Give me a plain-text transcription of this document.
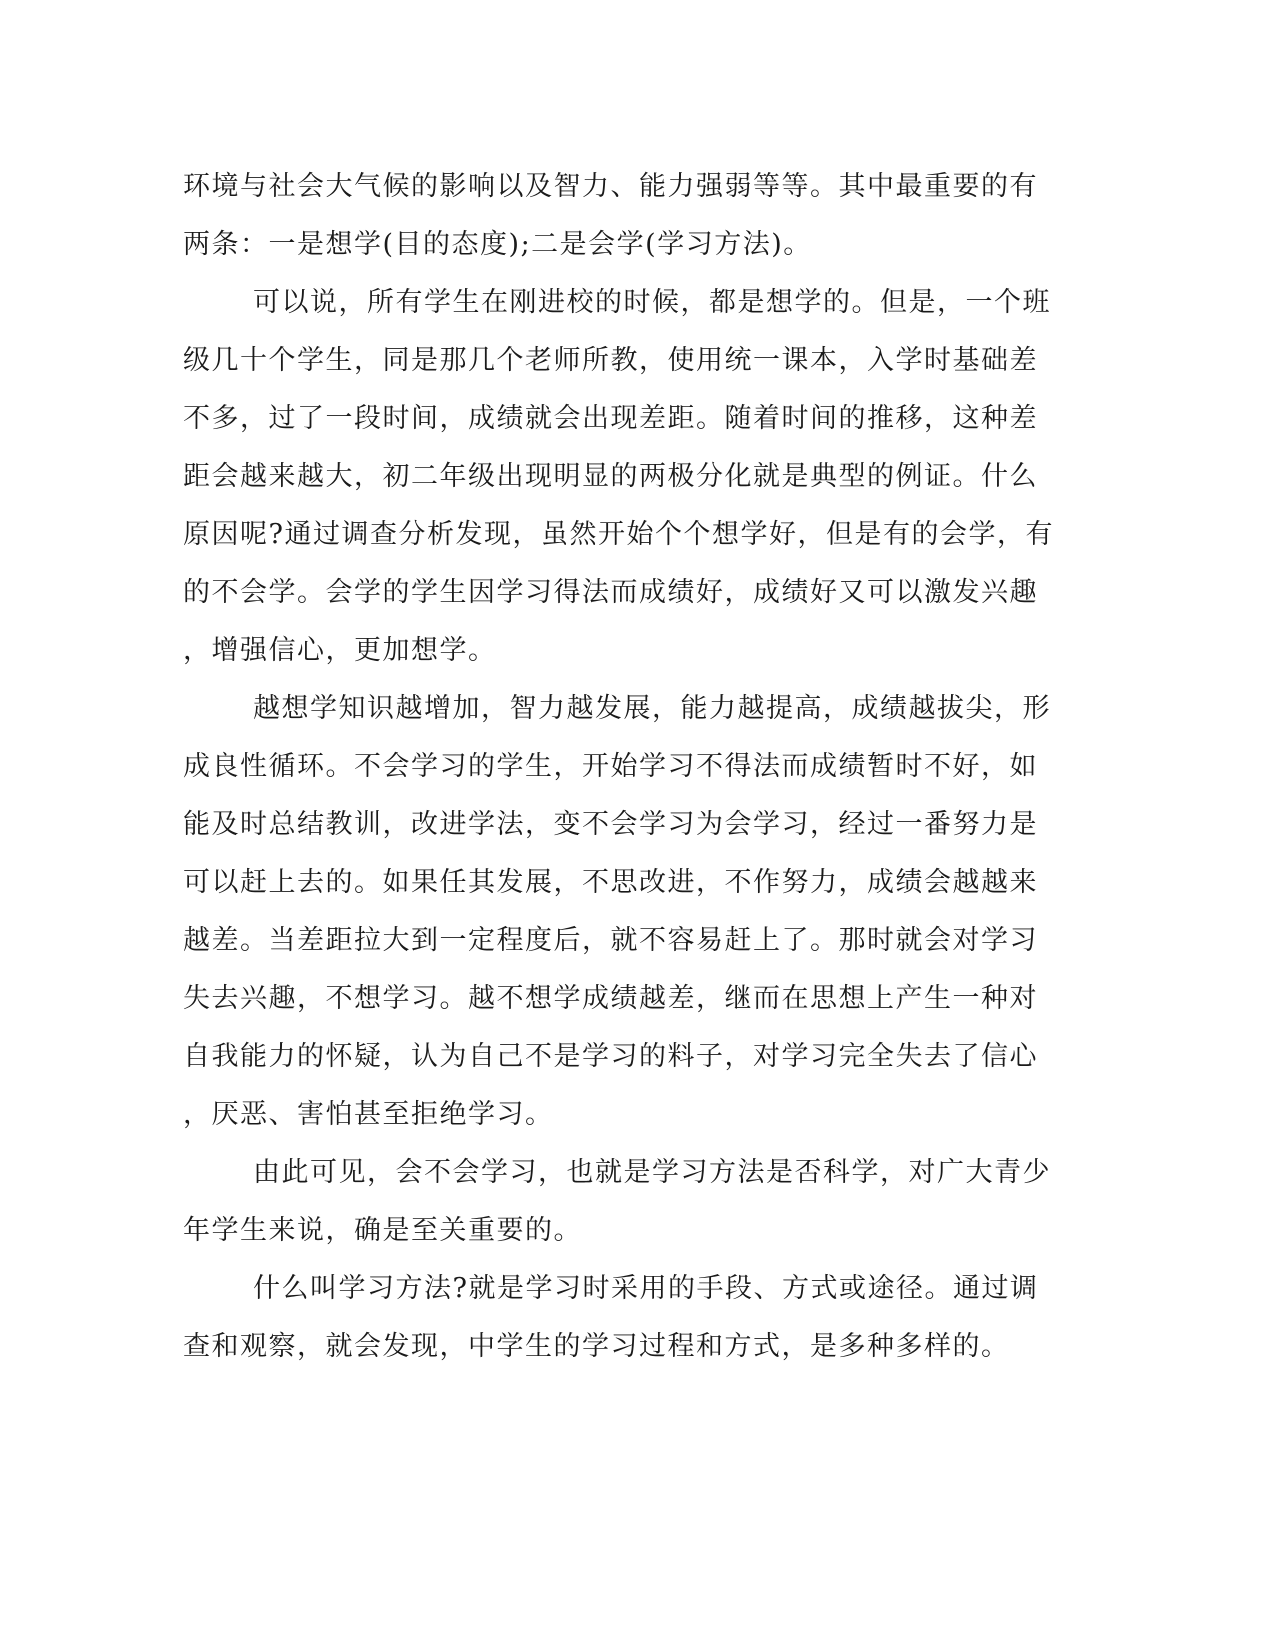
环境与社会大气候的影响以及智力、能力强弱等等。其中最重要的有
两条：一是想学(目的态度);二是会学(学习方法)。
可以说，所有学生在刚进校的时候，都是想学的。但是，一个班
级几十个学生，同是那几个老师所教，使用统一课本，入学时基础差
不多，过了一段时间，成绩就会出现差距。随着时间的推移，这种差
距会越来越大，初二年级出现明显的两极分化就是典型的例证。什么
原因呢?通过调查分析发现，虽然开始个个想学好，但是有的会学，有
的不会学。会学的学生因学习得法而成绩好，成绩好又可以激发兴趣
，增强信心，更加想学。
越想学知识越增加，智力越发展，能力越提高，成绩越拔尖，形
成良性循环。不会学习的学生，开始学习不得法而成绩暂时不好，如
能及时总结教训，改进学法，变不会学习为会学习，经过一番努力是
可以赶上去的。如果任其发展，不思改进，不作努力，成绩会越越来
越差。当差距拉大到一定程度后，就不容易赶上了。那时就会对学习
失去兴趣，不想学习。越不想学成绩越差，继而在思想上产生一种对
自我能力的怀疑，认为自己不是学习的料子，对学习完全失去了信心
，厌恶、害怕甚至拒绝学习。
由此可见，会不会学习，也就是学习方法是否科学，对广大青少
年学生来说，确是至关重要的。
什么叫学习方法?就是学习时采用的手段、方式或途径。通过调
查和观察，就会发现，中学生的学习过程和方式，是多种多样的。
